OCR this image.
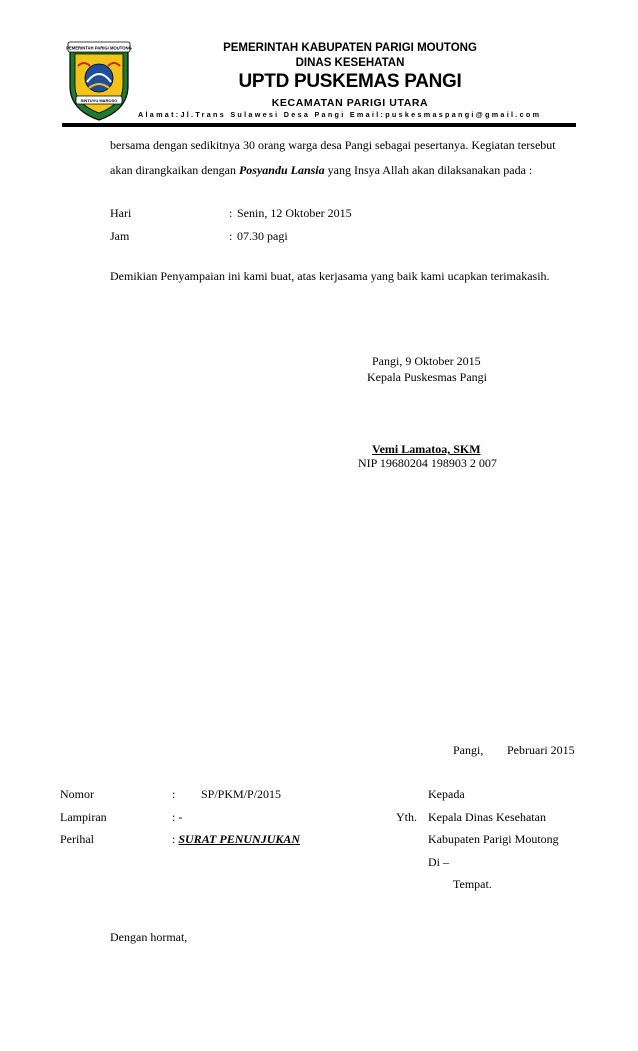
PEMERINTAH PARIGI MOUTONG
SINTUVU MAROSO
PEMERINTAH KABUPATEN PARIGI MOUTONG
DINAS KESEHATAN
UPTD PUSKEMAS PANGI
KECAMATAN PARIGI UTARA
Alamat:Jl.Trans Sulawesi Desa Pangi Email:puskesmaspangi@gmail.com
bersama dengan sedikitnya 30 orang warga desa Pangi sebagai pesertanya. Kegiatan tersebut
akan dirangkaikan dengan Posyandu Lansia yang Insya Allah akan dilaksanakan pada :
Hari	: Senin, 12 Oktober 2015
Jam	: 07.30 pagi
Demikian Penyampaian ini kami buat, atas kerjasama yang baik kami ucapkan terimakasih.
Pangi, 9 Oktober 2015
Kepala Puskesmas Pangi
Vemi Lamatoa, SKM
NIP 19680204 198903 2 007
Pangi, Pebruari 2015
Nomor	: SP/PKM/P/2015	Kepada
Lampiran	: -	Yth. Kepala Dinas Kesehatan
Perihal	: SURAT PENUNJUKAN	Kabupaten Parigi Moutong
Di –
Tempat.
Dengan hormat,
